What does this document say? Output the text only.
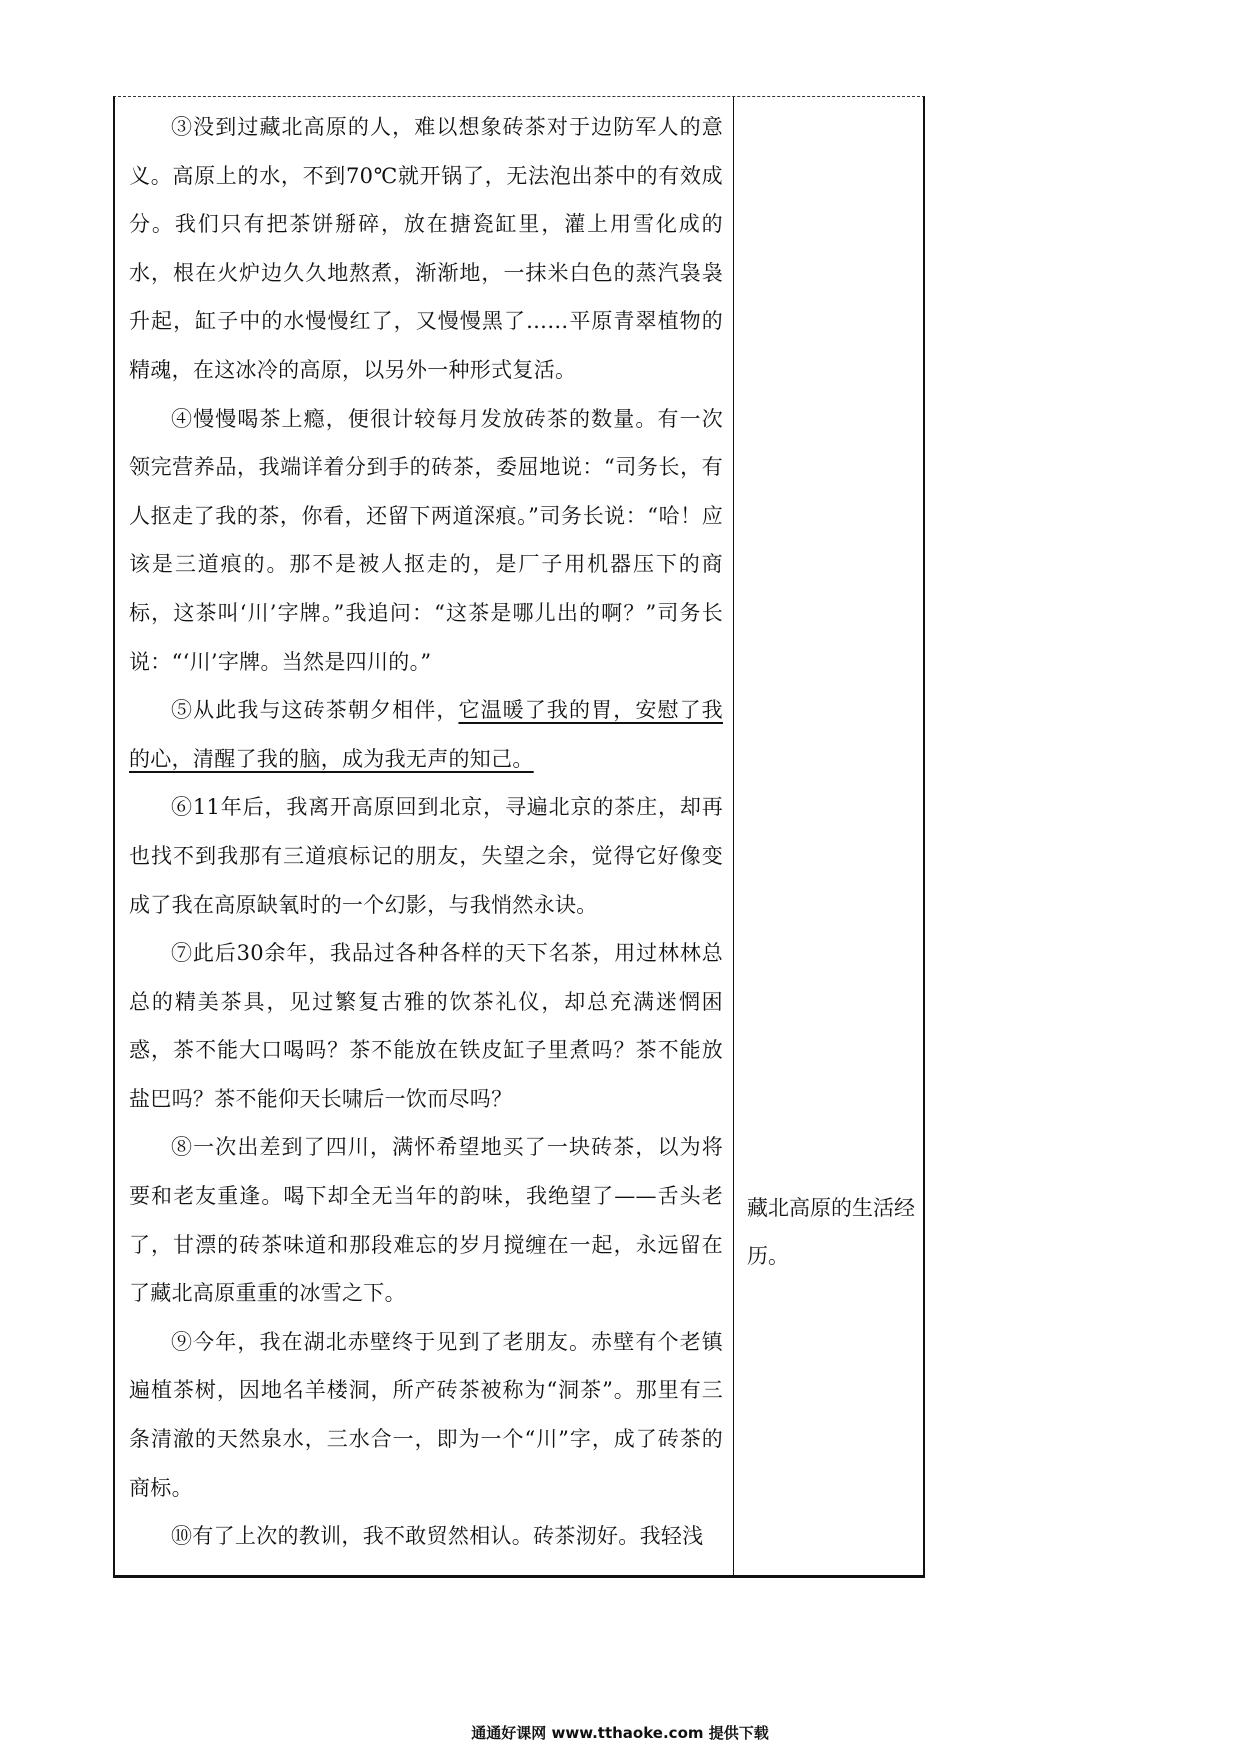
③没到过藏北高原的人，难以想象砖茶对于边防军人的意义。高原上的水，不到70℃就开锅了，无法泡出茶中的有效成分。我们只有把茶饼掰碎，放在搪瓷缸里，灌上用雪化成的水，根在火炉边久久地熬煮，渐渐地，一抹米白色的蒸汽袅袅升起，缸子中的水慢慢红了，又慢慢黑了……平原青翠植物的精魂，在这冰冷的高原，以另外一种形式复活。

④慢慢喝茶上瘾，便很计较每月发放砖茶的数量。有一次领完营养品，我端详着分到手的砖茶，委屈地说：“司务长，有人抠走了我的茶，你看，还留下两道深痕。”司务长说：“哈！应该是三道痕的。那不是被人抠走的，是厂子用机器压下的商标，这茶叫‘川’字牌。”我追问：“这茶是哪儿出的啊？”司务长说：“‘川’字牌。当然是四川的。”

⑤从此我与这砖茶朝夕相伴，它温暖了我的胃，安慰了我的心，清醒了我的脑，成为我无声的知己。

⑥11年后，我离开高原回到北京，寻遍北京的茶庄，却再也找不到我那有三道痕标记的朋友，失望之余，觉得它好像变成了我在高原缺氧时的一个幻影，与我悄然永诀。

⑦此后30余年，我品过各种各样的天下名茶，用过林林总总的精美茶具，见过繁复古雅的饮茶礼仪，却总充满迷惘困惑，茶不能大口喝吗？茶不能放在铁皮缸子里煮吗？茶不能放盐巴吗？茶不能仰天长啸后一饮而尽吗？

⑧一次出差到了四川，满怀希望地买了一块砖茶，以为将要和老友重逢。喝下却全无当年的韵味，我绝望了——舌头老了，甘漂的砖茶味道和那段难忘的岁月搅缠在一起，永远留在了藏北高原重重的冰雪之下。

⑨今年，我在湖北赤壁终于见到了老朋友。赤壁有个老镇遍植茶树，因地名羊楼洞，所产砖茶被称为“洞茶”。那里有三条清澈的天然泉水，三水合一，即为一个“川”字，成了砖茶的商标。

⑩有了上次的教训，我不敢贸然相认。砖茶沏好。我轻浅

藏北高原的生活经历。
通通好课网 www.tthaoke.com 提供下载
